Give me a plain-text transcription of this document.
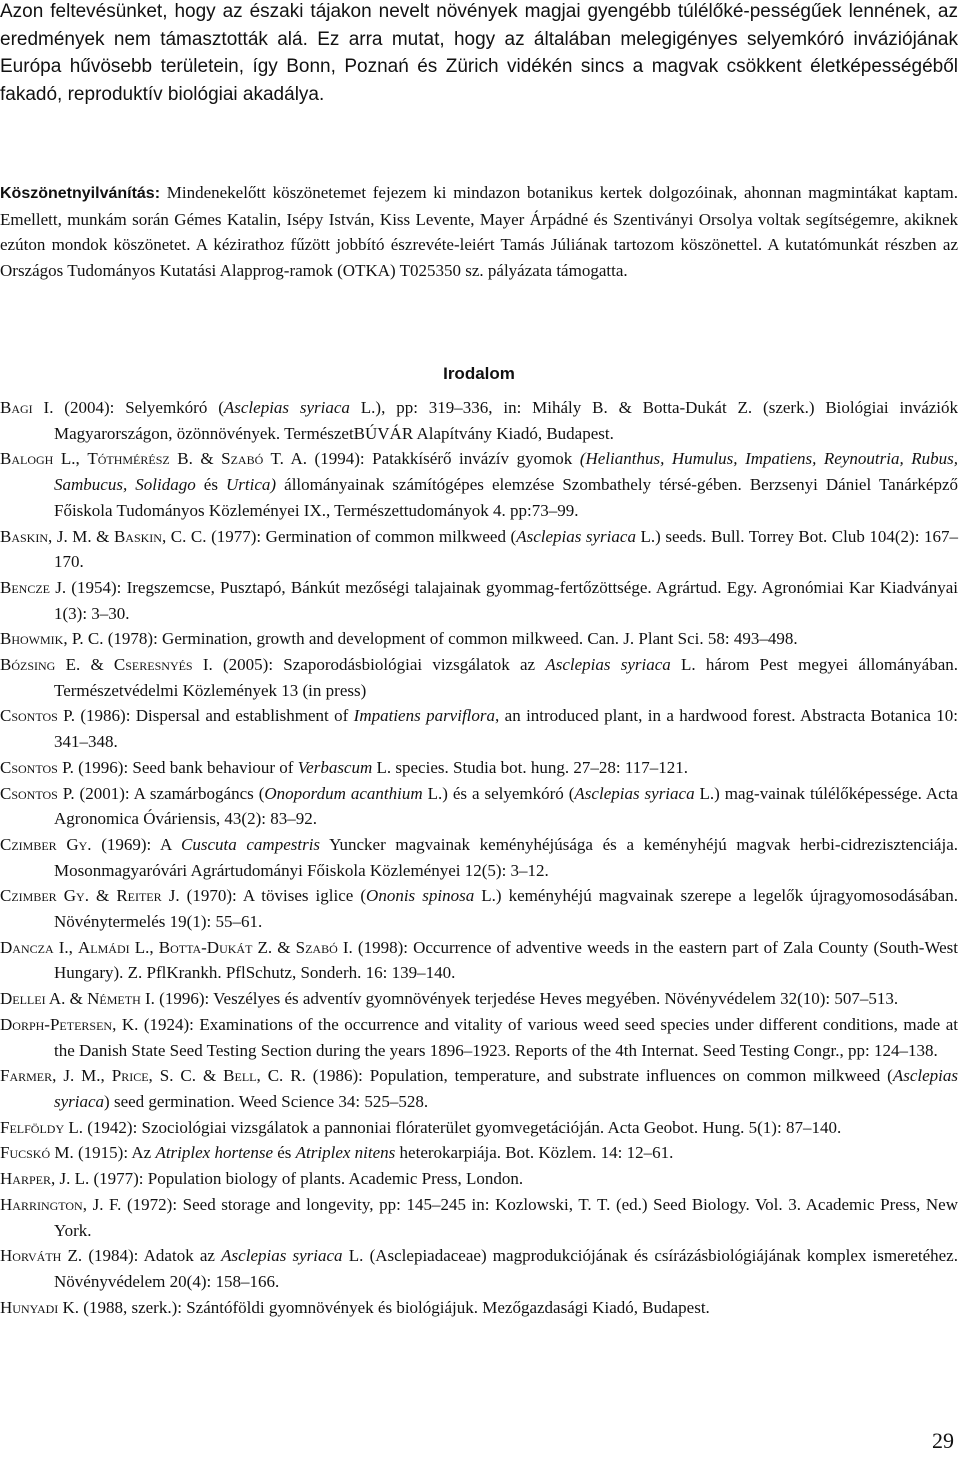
Azon feltevésünket, hogy az északi tájakon nevelt növények magjai gyengébb túlélőké-pességűek lennének, az eredmények nem támasztották alá. Ez arra mutat, hogy az általában melegigényes selyemkóró inváziójának Európa hűvösebb területein, így Bonn, Poznań és Zürich vidékén sincs a magvak csökkent életképességéből fakadó, reproduktív biológiai akadálya.

Köszönetnyilvánítás: Mindenekelőtt köszönetemet fejezem ki mindazon botanikus kertek dolgozóinak, ahonnan magmintákat kaptam. Emellett, munkám során Gémes Katalin, Isépy István, Kiss Levente, Mayer Árpádné és Szentiványi Orsolya voltak segítségemre, akiknek ezúton mondok köszönetet. A kézirathoz fűzött jobbító észrevéte-leiért Tamás Júliának tartozom köszönettel. A kutatómunkát részben az Országos Tudományos Kutatási Alapprog-ramok (OTKA) T025350 sz. pályázata támogatta.

Irodalom
Bagi I. (2004): Selyemkóró (Asclepias syriaca L.), pp: 319–336, in: Mihály B. & Botta-Dukát Z. (szerk.) Biológiai inváziók Magyarországon, özönnövények. TermészetBÚVÁR Alapítvány Kiadó, Budapest.
Balogh L., Tóthmérész B. & Szabó T. A. (1994): Patakkísérő invázív gyomok (Helianthus, Humulus, Impatiens, Reynoutria, Rubus, Sambucus, Solidago és Urtica) állományainak számítógépes elemzése Szombathely térsé-gében. Berzsenyi Dániel Tanárképző Főiskola Tudományos Közleményei IX., Természettudományok 4. pp:73–99.
Baskin, J. M. & Baskin, C. C. (1977): Germination of common milkweed (Asclepias syriaca L.) seeds. Bull. Torrey Bot. Club 104(2): 167–170.
Bencze J. (1954): Iregszemcse, Pusztapó, Bánkút mezőségi talajainak gyommag-fertőzöttsége. Agrártud. Egy. Agronómiai Kar Kiadványai 1(3): 3–30.
Bhowmik, P. C. (1978): Germination, growth and development of common milkweed. Can. J. Plant Sci. 58: 493–498.
Bózsing E. & Cseresnyés I. (2005): Szaporodásbiológiai vizsgálatok az Asclepias syriaca L. három Pest megyei állományában. Természetvédelmi Közlemények 13 (in press)
Csontos P. (1986): Dispersal and establishment of Impatiens parviflora, an introduced plant, in a hardwood forest. Abstracta Botanica 10: 341–348.
Csontos P. (1996): Seed bank behaviour of Verbascum L. species. Studia bot. hung. 27–28: 117–121.
Csontos P. (2001): A szamárbogáncs (Onopordum acanthium L.) és a selyemkóró (Asclepias syriaca L.) mag-vainak túlélőképessége. Acta Agronomica Óváriensis, 43(2): 83–92.
Czimber Gy. (1969): A Cuscuta campestris Yuncker magvainak keményhéjúsága és a keményhéjú magvak herbi-cidrezisztenciája. Mosonmagyaróvári Agrártudományi Főiskola Közleményei 12(5): 3–12.
Czimber Gy. & Reiter J. (1970): A tövises iglice (Ononis spinosa L.) keményhéjú magvainak szerepe a legelők újragyomosodásában. Növénytermelés 19(1): 55–61.
Dancza I., Almádi L., Botta-Dukát Z. & Szabó I. (1998): Occurrence of adventive weeds in the eastern part of Zala County (South-West Hungary). Z. PflKrankh. PflSchutz, Sonderh. 16: 139–140.
Dellei A. & Németh I. (1996): Veszélyes és adventív gyomnövények terjedése Heves megyében. Növényvédelem 32(10): 507–513.
Dorph-Petersen, K. (1924): Examinations of the occurrence and vitality of various weed seed species under different conditions, made at the Danish State Seed Testing Section during the years 1896–1923. Reports of the 4th Internat. Seed Testing Congr., pp: 124–138.
Farmer, J. M., Price, S. C. & Bell, C. R. (1986): Population, temperature, and substrate influences on common milkweed (Asclepias syriaca) seed germination. Weed Science 34: 525–528.
Felföldy L. (1942): Szociológiai vizsgálatok a pannoniai flóraterület gyomvegetációján. Acta Geobot. Hung. 5(1): 87–140.
Fucskó M. (1915): Az Atriplex hortense és Atriplex nitens heterokarpiája. Bot. Közlem. 14: 12–61.
Harper, J. L. (1977): Population biology of plants. Academic Press, London.
Harrington, J. F. (1972): Seed storage and longevity, pp: 145–245 in: Kozlowski, T. T. (ed.) Seed Biology. Vol. 3. Academic Press, New York.
Horváth Z. (1984): Adatok az Asclepias syriaca L. (Asclepiadaceae) magprodukciójának és csírázásbiológiájának komplex ismeretéhez. Növényvédelem 20(4): 158–166.
Hunyadi K. (1988, szerk.): Szántóföldi gyomnövények és biológiájuk. Mezőgazdasági Kiadó, Budapest.
29
